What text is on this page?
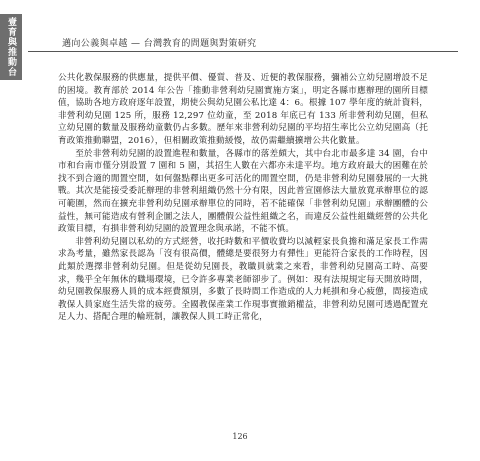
壹育與推動台
邁向公義與卓越 — 台灣教育的問題與對策研究

公共化教保服務的供應量，提供平價、優質、普及、近便的教保服務，彌補公立幼兒園增設不足的困境。教育部於 2014 年公告「推動非營利幼兒園實施方案」，明定各縣市應辦理的園所目標值，協助各地方政府逐年設置，期使公與幼兒園公私比達 4：6。根據 107 學年度的統計資料，非營利幼兒園 125 所，服務 12,297 位幼童，至 2018 年底已有 133 所非營利幼兒園，但私立幼兒園的數量及服務幼童數仍占多數。歷年來非營利幼兒園的平均招生率比公立幼兒園高（托育政策推動聯盟，2016），但相關政策推動緩慢，故仍需繼續擴增公共化數量。

至於非營利幼兒園的設置進程和數量，各縣市的落差頗大，其中台北市最多達 34 園，台中市和台南市僅分別設置 7 園和 5 園，其招生人數在六都亦未達平均。地方政府最大的困難在於找不到合適的閒置空間，如何盤點釋出更多可活化的閒置空間，仍是非營利幼兒園發展的一大挑戰。其次是能接受委託辦理的非營利組織仍然十分有限，因此普宣園修法大量放寬承辦單位的認可範圍，然而在擴充非營利幼兒園承辦單位的同時，若不能確保「非營利幼兒園」承辦團體的公益性，無可能造成有營利企圖之法人，團體假公益性組織之名，而違反公益性組織經營的公共化政策目標，有損非營利幼兒園的設置理念與承諾，不能不慎。

非營利幼兒園以私幼的方式經營，收托時數和平價收費均以減輕家長負擔和滿足家長工作需求為考量，雖然家長認為「沒有很高價，體總是要很努力有彈性」更能符合家長的工作時程，因此類於選擇非營利幼兒園。但是從幼兒園長，教職員就業之來看，非營利幼兒園高工時、高要求，幾乎全年無休的職場環境，已令許多專業老師卻步了。例如：現有法規規定每天開放時間，幼兒園教保服務人員的成本經費額別，多數了長時間工作造成的人力耗損和身心疲憊，間接造成教保人員家庭生活失常的疲勞。全國教保產業工作現事實撤銷權益，非營利幼兒園可透過配置充足人力、搭配合理的輪班制，讓教保人員工時正常化，

126
